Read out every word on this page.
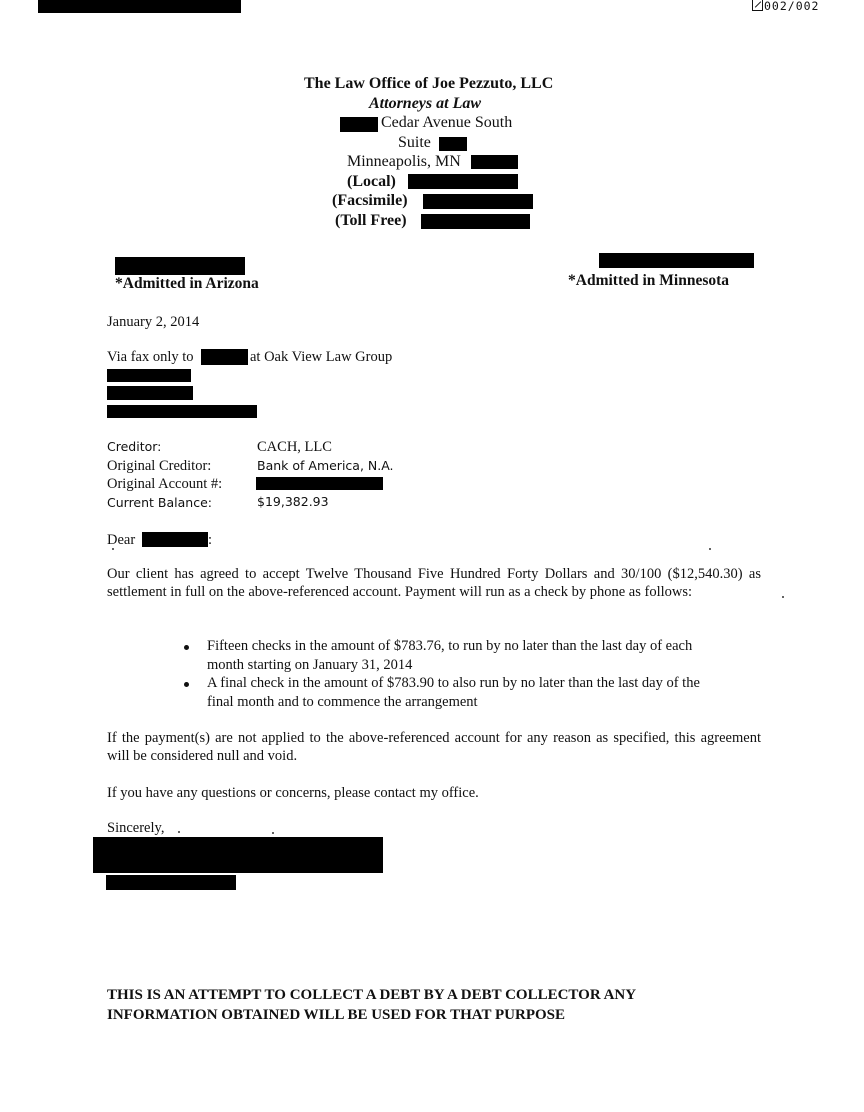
002/002
The Law Office of Joe Pezzuto, LLC
Attorneys at Law
Cedar Avenue South
Suite
Minneapolis, MN
(Local)
(Facsimile)
(Toll Free)
*Admitted in Arizona	*Admitted in Minnesota
January 2, 2014
Via fax only to	at Oak View Law Group
Creditor:	CACH, LLC
Original Creditor:	Bank of America, N.A.
Original Account #:
Current Balance:	$19,382.93
Dear	:
Our client has agreed to accept Twelve Thousand Five Hundred Forty Dollars and 30/100 ($12,540.30) as settlement in full on the above-referenced account. Payment will run as a check by phone as follows:
Fifteen checks in the amount of $783.76, to run by no later than the last day of each
month starting on January 31, 2014
A final check in the amount of $783.90 to also run by no later than the last day of the
final month and to commence the arrangement
If the payment(s) are not applied to the above-referenced account for any reason as specified, this agreement will be considered null and void.
If you have any questions or concerns, please contact my office.
Sincerely,
THIS IS AN ATTEMPT TO COLLECT A DEBT BY A DEBT COLLECTOR ANY
INFORMATION OBTAINED WILL BE USED FOR THAT PURPOSE
